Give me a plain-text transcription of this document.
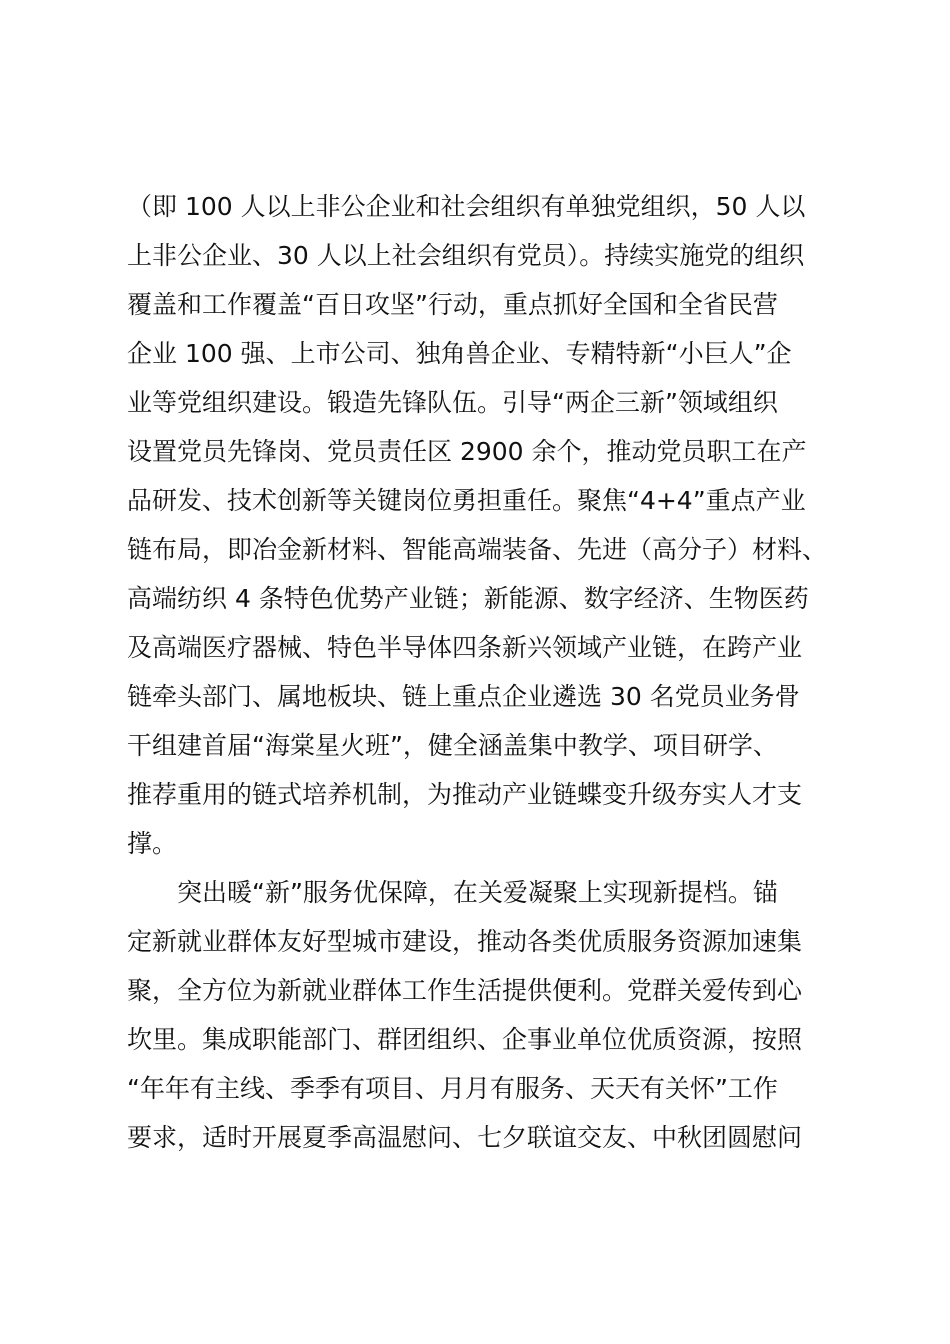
（即 100 人以上非公企业和社会组织有单独党组织，50 人以
上非公企业、30 人以上社会组织有党员）。持续实施党的组织
覆盖和工作覆盖“百日攻坚”行动，重点抓好全国和全省民营
企业 100 强、上市公司、独角兽企业、专精特新“小巨人”企
业等党组织建设。锻造先锋队伍。引导“两企三新”领域组织
设置党员先锋岗、党员责任区 2900 余个，推动党员职工在产
品研发、技术创新等关键岗位勇担重任。聚焦“4+4”重点产业
链布局，即冶金新材料、智能高端装备、先进（高分子）材料、
高端纺织 4 条特色优势产业链；新能源、数字经济、生物医药
及高端医疗器械、特色半导体四条新兴领域产业链，在跨产业
链牵头部门、属地板块、链上重点企业遴选 30 名党员业务骨
干组建首届“海棠星火班”，健全涵盖集中教学、项目研学、
推荐重用的链式培养机制，为推动产业链蝶变升级夯实人才支
撑。
　　突出暖“新”服务优保障，在关爱凝聚上实现新提档。锚
定新就业群体友好型城市建设，推动各类优质服务资源加速集
聚，全方位为新就业群体工作生活提供便利。党群关爱传到心
坎里。集成职能部门、群团组织、企事业单位优质资源，按照
“年年有主线、季季有项目、月月有服务、天天有关怀”工作
要求，适时开展夏季高温慰问、七夕联谊交友、中秋团圆慰问
